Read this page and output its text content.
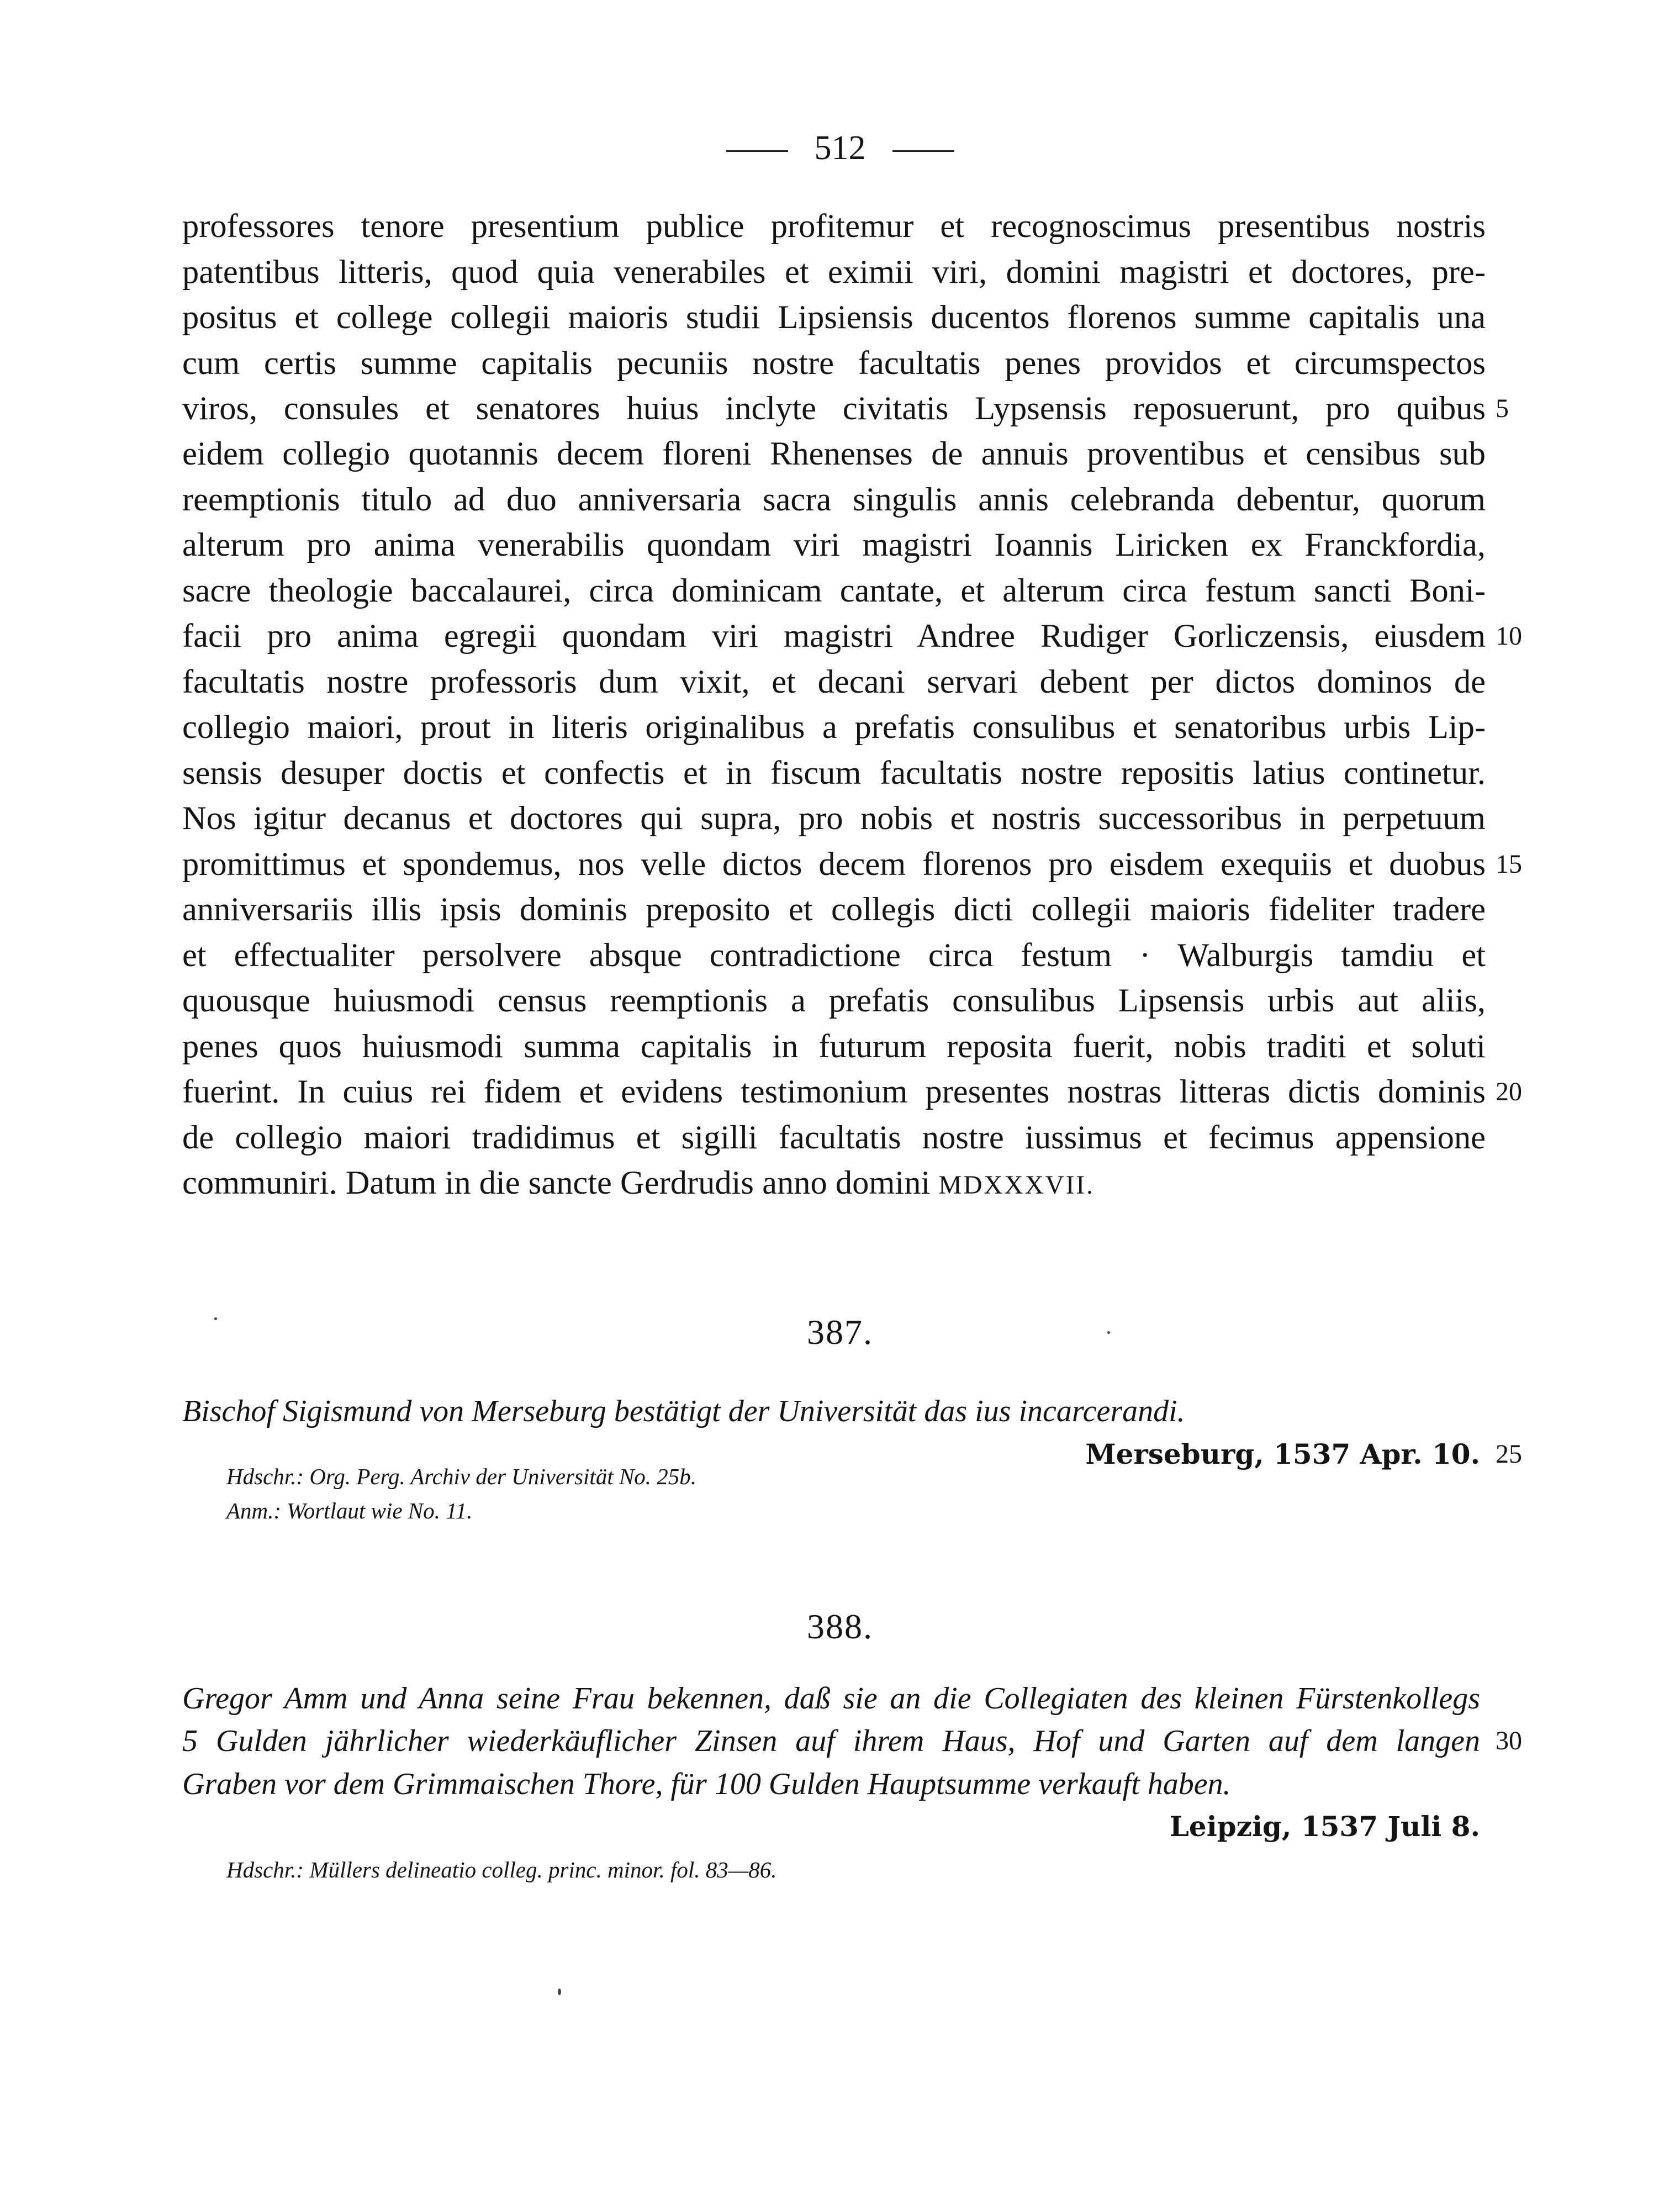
512
professores tenore presentium publice profitemur et recognoscimus presentibus nostris
patentibus litteris, quod quia venerabiles et eximii viri, domini magistri et doctores, pre-
positus et college collegii maioris studii Lipsiensis ducentos florenos summe capitalis una
cum certis summe capitalis pecuniis nostre facultatis penes providos et circumspectos
viros, consules et senatores huius inclyte civitatis Lypsensis reposuerunt, pro quibus
eidem collegio quotannis decem floreni Rhenenses de annuis proventibus et censibus sub
reemptionis titulo ad duo anniversaria sacra singulis annis celebranda debentur, quorum
alterum pro anima venerabilis quondam viri magistri Ioannis Liricken ex Franckfordia,
sacre theologie baccalaurei, circa dominicam cantate, et alterum circa festum sancti Boni-
facii pro anima egregii quondam viri magistri Andree Rudiger Gorliczensis, eiusdem
facultatis nostre professoris dum vixit, et decani servari debent per dictos dominos de
collegio maiori, prout in literis originalibus a prefatis consulibus et senatoribus urbis Lip-
sensis desuper doctis et confectis et in fiscum facultatis nostre repositis latius continetur.
Nos igitur decanus et doctores qui supra, pro nobis et nostris successoribus in perpetuum
promittimus et spondemus, nos velle dictos decem florenos pro eisdem exequiis et duobus
anniversariis illis ipsis dominis preposito et collegis dicti collegii maioris fideliter tradere
et effectualiter persolvere absque contradictione circa festum · Walburgis tamdiu et
quousque huiusmodi census reemptionis a prefatis consulibus Lipsensis urbis aut aliis,
penes quos huiusmodi summa capitalis in futurum reposita fuerit, nobis traditi et soluti
fuerint. In cuius rei fidem et evidens testimonium presentes nostras litteras dictis dominis
de collegio maiori tradidimus et sigilli facultatis nostre iussimus et fecimus appensione
communiri. Datum in die sancte Gerdrudis anno domini MDXXXVII.
5
10
15
20
387.
Bischof Sigismund von Merseburg bestätigt der Universität das ius incarcerandi.
Merseburg, 1537 Apr. 10. 25
Hdschr.: Org. Perg. Archiv der Universität No. 25b.
Anm.: Wortlaut wie No. 11.
388.
Gregor Amm und Anna seine Frau bekennen, daß sie an die Collegiaten des kleinen Fürstenkollegs
5 Gulden jährlicher wiederkäuflicher Zinsen auf ihrem Haus, Hof und Garten auf dem langen
Graben vor dem Grimmaischen Thore, für 100 Gulden Hauptsumme verkauft haben.
30
Leipzig, 1537 Juli 8.
Hdschr.: Müllers delineatio colleg. princ. minor. fol. 83—86.
